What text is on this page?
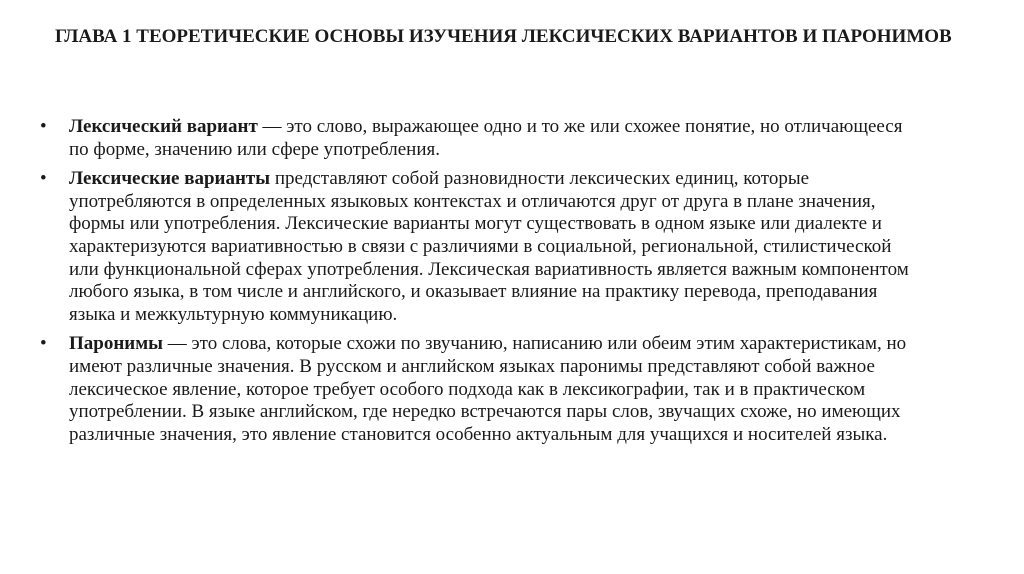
ГЛАВА 1 ТЕОРЕТИЧЕСКИЕ ОСНОВЫ ИЗУЧЕНИЯ ЛЕКСИЧЕСКИХ ВАРИАНТОВ И ПАРОНИМОВ
•	Лексический вариант — это слово, выражающее одно и то же или схожее понятие, но отличающееся по форме, значению или сфере употребления.
•	Лексические варианты представляют собой разновидности лексических единиц, которые употребляются в определенных языковых контекстах и отличаются друг от друга в плане значения, формы или употребления. Лексические варианты могут существовать в одном языке или диалекте и характеризуются вариативностью в связи с различиями в социальной, региональной, стилистической или функциональной сферах употребления. Лексическая вариативность является важным компонентом любого языка, в том числе и английского, и оказывает влияние на практику перевода, преподавания языка и межкультурную коммуникацию.
•	Паронимы — это слова, которые схожи по звучанию, написанию или обеим этим характеристикам, но имеют различные значения. В русском и английском языках паронимы представляют собой важное лексическое явление, которое требует особого подхода как в лексикографии, так и в практическом употреблении. В языке английском, где нередко встречаются пары слов, звучащих схоже, но имеющих различные значения, это явление становится особенно актуальным для учащихся и носителей языка.
